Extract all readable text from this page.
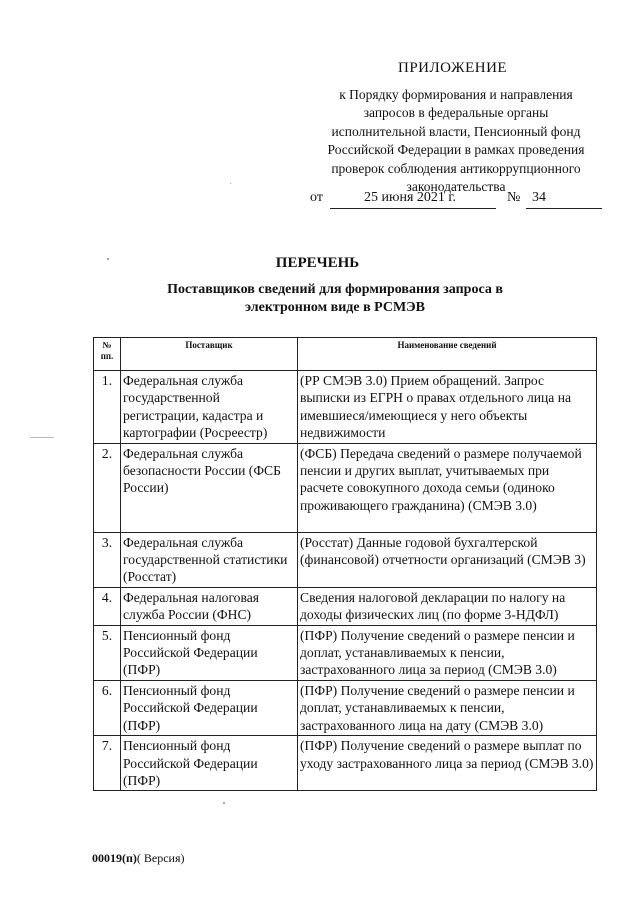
ПРИЛОЖЕНИЕ
к Порядку формирования и направления
запросов в федеральные органы
исполнительной власти, Пенсионный фонд
Российской Федерации в рамках проведения
проверок соблюдения антикоррупционного
законодательства
от	25 июня 2021 г.	№ 34
ПЕРЕЧЕНЬ
Поставщиков сведений для формирования запроса в
электронном виде в РСМЭВ
№ пп.	Поставщик	Наименование сведений
1.	Федеральная служба государственной регистрации, кадастра и картографии (Росреестр)	(РР СМЭВ 3.0) Прием обращений. Запрос выписки из ЕГРН о правах отдельного лица на имевшиеся/имеющиеся у него объекты недвижимости
2.	Федеральная служба безопасности России (ФСБ России)	(ФСБ) Передача сведений о размере получаемой пенсии и других выплат, учитываемых при расчете совокупного дохода семьи (одиноко проживающего гражданина) (СМЭВ 3.0)
3.	Федеральная служба государственной статистики (Росстат)	(Росстат) Данные годовой бухгалтерской (финансовой) отчетности организаций (СМЭВ 3)
4.	Федеральная налоговая служба России (ФНС)	Сведения налоговой декларации по налогу на доходы физических лиц (по форме 3-НДФЛ)
5.	Пенсионный фонд Российской Федерации (ПФР)	(ПФР) Получение сведений о размере пенсии и доплат, устанавливаемых к пенсии, застрахованного лица за период (СМЭВ 3.0)
6.	Пенсионный фонд Российской Федерации (ПФР)	(ПФР) Получение сведений о размере пенсии и доплат, устанавливаемых к пенсии, застрахованного лица на дату (СМЭВ 3.0)
7.	Пенсионный фонд Российской Федерации (ПФР)	(ПФР) Получение сведений о размере выплат по уходу застрахованного лица за период (СМЭВ 3.0)
00019(п)( Версия)
